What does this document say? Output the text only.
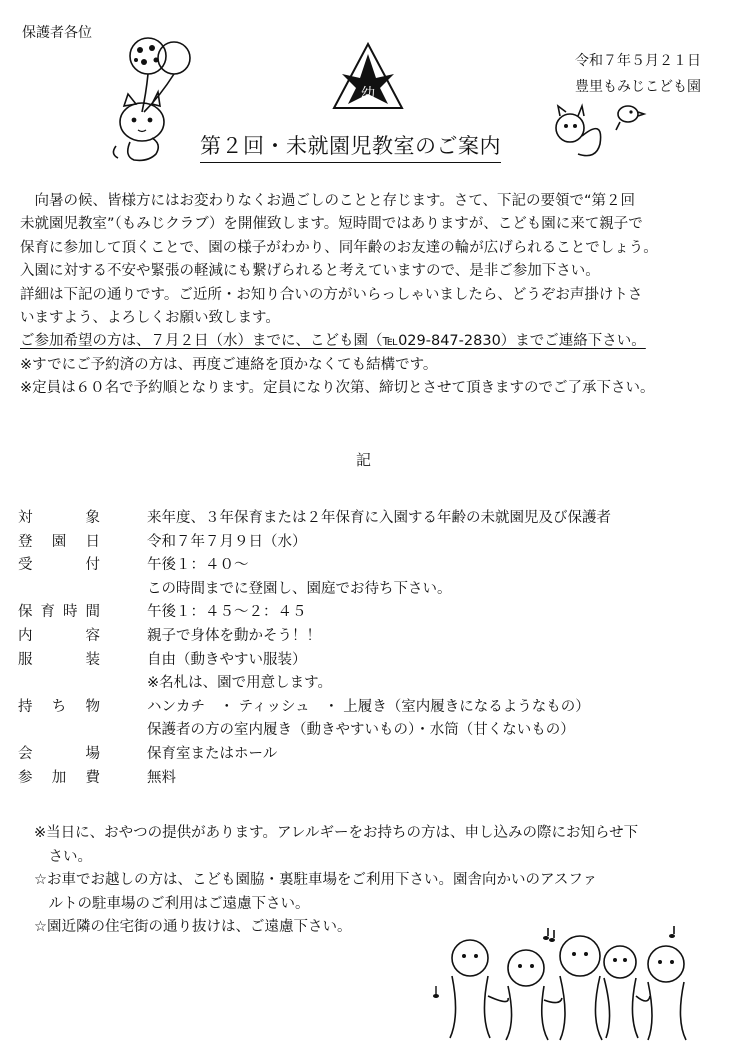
保護者各位
令和７年５月２１日
豊里もみじこども園
幼
第２回・未就園児教室のご案内
　向暑の候、皆様方にはお変わりなくお過ごしのことと存じます。さて、下記の要領で“第２回
未就園児教室”（もみじクラブ）を開催致します。短時間ではありますが、こども園に来て親子で
保育に参加して頂くことで、園の様子がわかり、同年齢のお友達の輪が広げられることでしょう。
入園に対する不安や緊張の軽減にも繋げられると考えていますので、是非ご参加下さい。
詳細は下記の通りです。ご近所・お知り合いの方がいらっしゃいましたら、どうぞお声掛けトさ
いますよう、よろしくお願い致します。
ご参加希望の方は、７月２日（水）までに、こども園（℡029-847-2830）までご連絡下さい。
※すでにご予約済の方は、再度ご連絡を頂かなくても結構です。
※定員は６０名で予約順となります。定員になり次第、締切とさせて頂きますのでご了承下さい。
記
対	象	来年度、３年保育または２年保育に入園する年齢の未就園児及び保護者
登 園 日	令和７年７月９日（水）
受	付	午後１：４０～
この時間までに登園し、園庭でお待ち下さい。
保 育 時 間	午後１：４５～２：４５
内	容	親子で身体を動かそう！！
服	装	自由（動きやすい服装）
※名札は、園で用意します。
持 ち 物	ハンカチ　・ ティッシュ　・ 上履き（室内履きになるようなもの）
保護者の方の室内履き（動きやすいもの）・水筒（甘くないもの）
会	場	保育室またはホール
参 加 費	無料
※当日に、おやつの提供があります。アレルギーをお持ちの方は、申し込みの際にお知らせ下
　さい。
☆お車でお越しの方は、こども園脇・裏駐車場をご利用下さい。園舎向かいのアスファ
　ルトの駐車場のご利用はご遠慮下さい。
☆園近隣の住宅街の通り抜けは、ご遠慮下さい。
